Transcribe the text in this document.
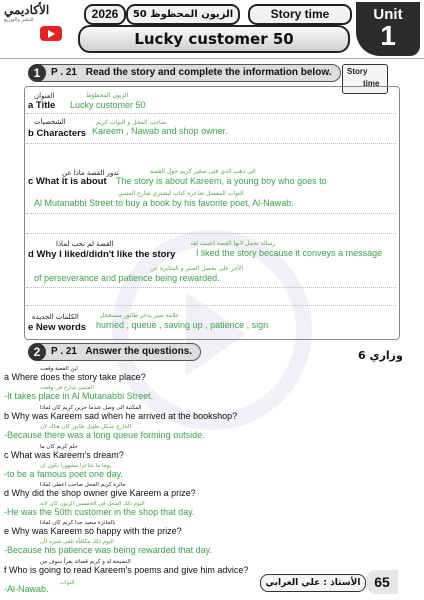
الأكاديمي
للنشر والتوزيع	2026	الزيون المحظوظ 50	Story time
Lucky customer 50
Unit
1
1	P . 21 Read the story and complete the information below.	Story
time
العنوان
a Title
الزبون المحظوظ
Lucky customer 50
الشخصيات
b Characters
صاحب المحل و النواب كريم
Kareem , Nawab and shop owner.
تدور القصة ماذا عن
c What it is about
الى ذهب الذي فتى صغير كريم حول القصة
The story is about Kareem, a young boy who goes to
النواب المفضل شاعره كتاب ليشتري شارع المتنبي
Al Mutanabbi Street to buy a book by his favorite poet, Al-Nawab.
القصة لم تحب لماذا
d Why I liked/didn't like the story
رسالة تحمل لانها القصة احببت لقد
I liked the story because it conveys a message
الأجر على يحصل الصبر و المثابرة عن
of perseverance and patience being rewarded.
الكلمات الجديدة
e New words
علامة صبر يدخر طابور مستعجل
hurried , queue , saving up , patience , sign
2	P . 21 Answer the questions.	وزاري 6
اين القصة وقعت
a Where does the story take place?
المتنبي شارع في وقعت
-It takes place in Al Mutanabbi Street.
المكتبة الى وصل عندما حزين كريم كان لماذا
b Why was Kareem sad when he arrived at the bookshop?
الخارج تشكل طويل طابور كان هناك لان
-Because there was a long queue forming outside.
حلم كريم كان ما
c What was Kareem's dream?
يوما ما شاعرا مشهورا يكون ان
-to be a famous poet one day.
جائزة كريم المحل صاحب اعطى لماذا
d Why did the shop owner give Kareem a prize?
اليوم ذلك المحل في الخمسين الزبون كان لانه
-He was the 50th customer in the shop that day.
بالجائزة سعيد جدا كريم كان لماذا
e Why was Kareem so happy with the prize?
اليوم ذلك مكافأة تلقى صبره لأن
-Because his patience was being rewarded that day.
النصيحة له و كريم قصائد يقرأ سوف من
f Who is going to read Kareem's poems and give him advice?
النواب
-Al-Nawab.
الأستاذ : علي الغرابي 65
